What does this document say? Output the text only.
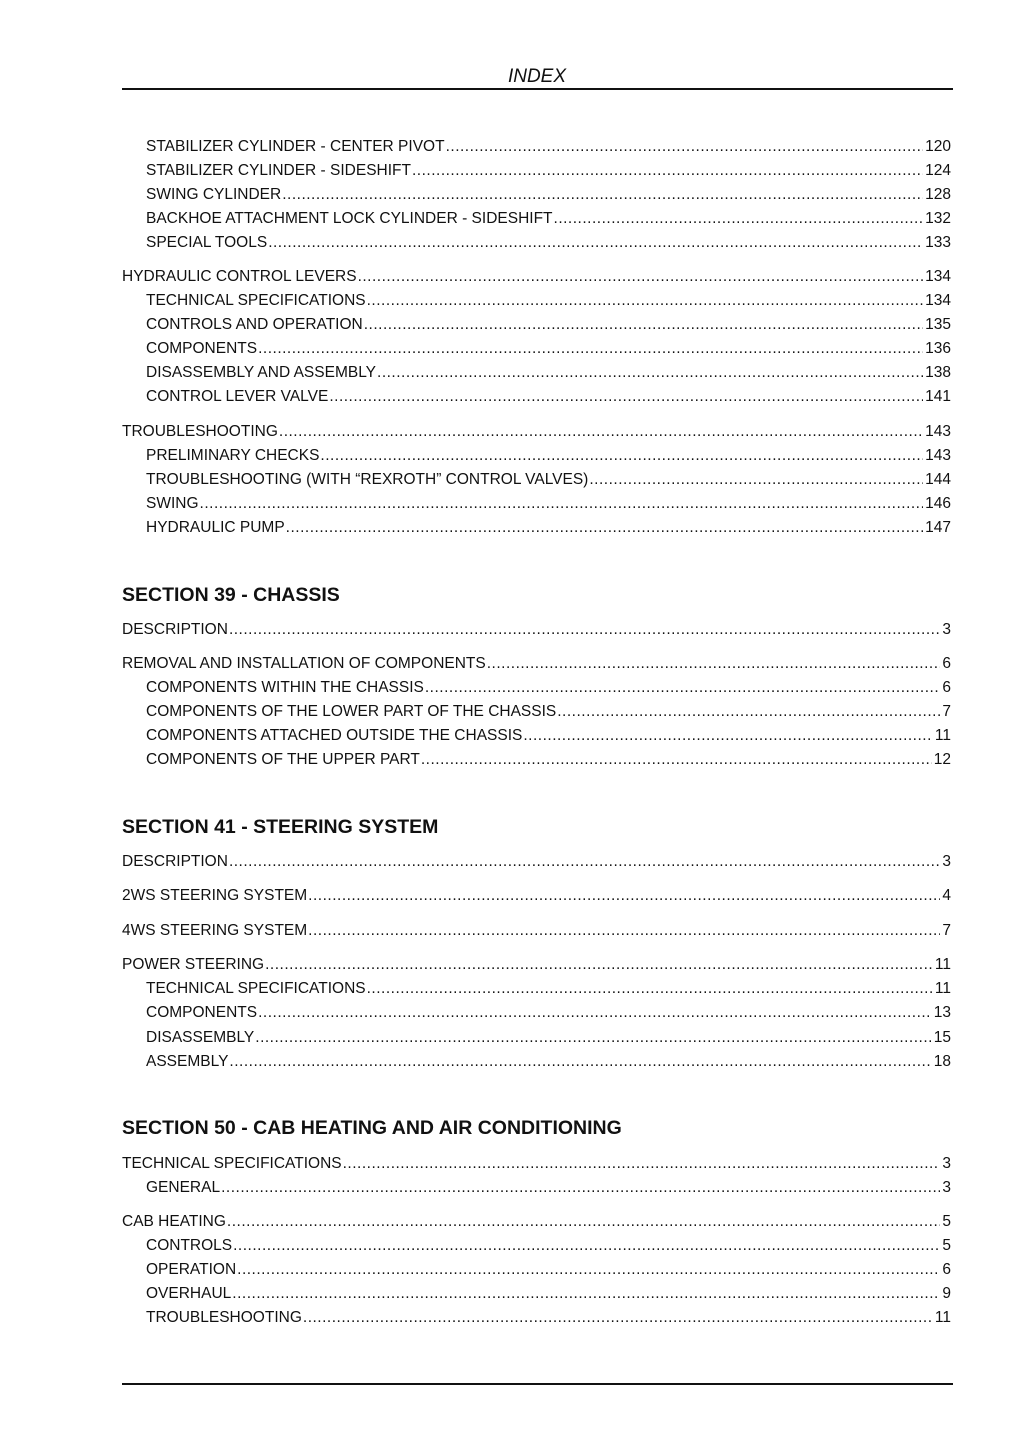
INDEX
STABILIZER CYLINDER - CENTER PIVOT .....	120
STABILIZER CYLINDER - SIDESHIFT .....	124
SWING CYLINDER .....	128
BACKHOE ATTACHMENT LOCK CYLINDER - SIDESHIFT .....	132
SPECIAL TOOLS .....	133
HYDRAULIC CONTROL LEVERS .....	134
TECHNICAL SPECIFICATIONS .....	134
CONTROLS AND OPERATION .....	135
COMPONENTS .....	136
DISASSEMBLY AND ASSEMBLY .....	138
CONTROL LEVER VALVE .....	141
TROUBLESHOOTING .....	143
PRELIMINARY CHECKS .....	143
TROUBLESHOOTING (WITH “REXROTH” CONTROL VALVES) .....	144
SWING .....	146
HYDRAULIC PUMP .....	147
SECTION 39 - CHASSIS
DESCRIPTION .....	3
REMOVAL AND INSTALLATION OF COMPONENTS .....	6
COMPONENTS WITHIN THE CHASSIS .....	6
COMPONENTS OF THE LOWER PART OF THE CHASSIS .....	7
COMPONENTS ATTACHED OUTSIDE THE CHASSIS .....	11
COMPONENTS OF THE UPPER PART .....	12
SECTION 41 - STEERING SYSTEM
DESCRIPTION .....	3
2WS STEERING SYSTEM .....	4
4WS STEERING SYSTEM .....	7
POWER STEERING .....	11
TECHNICAL SPECIFICATIONS .....	11
COMPONENTS .....	13
DISASSEMBLY .....	15
ASSEMBLY .....	18
SECTION 50 - CAB HEATING AND AIR CONDITIONING
TECHNICAL SPECIFICATIONS .....	3
GENERAL .....	3
CAB HEATING .....	5
CONTROLS .....	5
OPERATION .....	6
OVERHAUL .....	9
TROUBLESHOOTING .....	11
